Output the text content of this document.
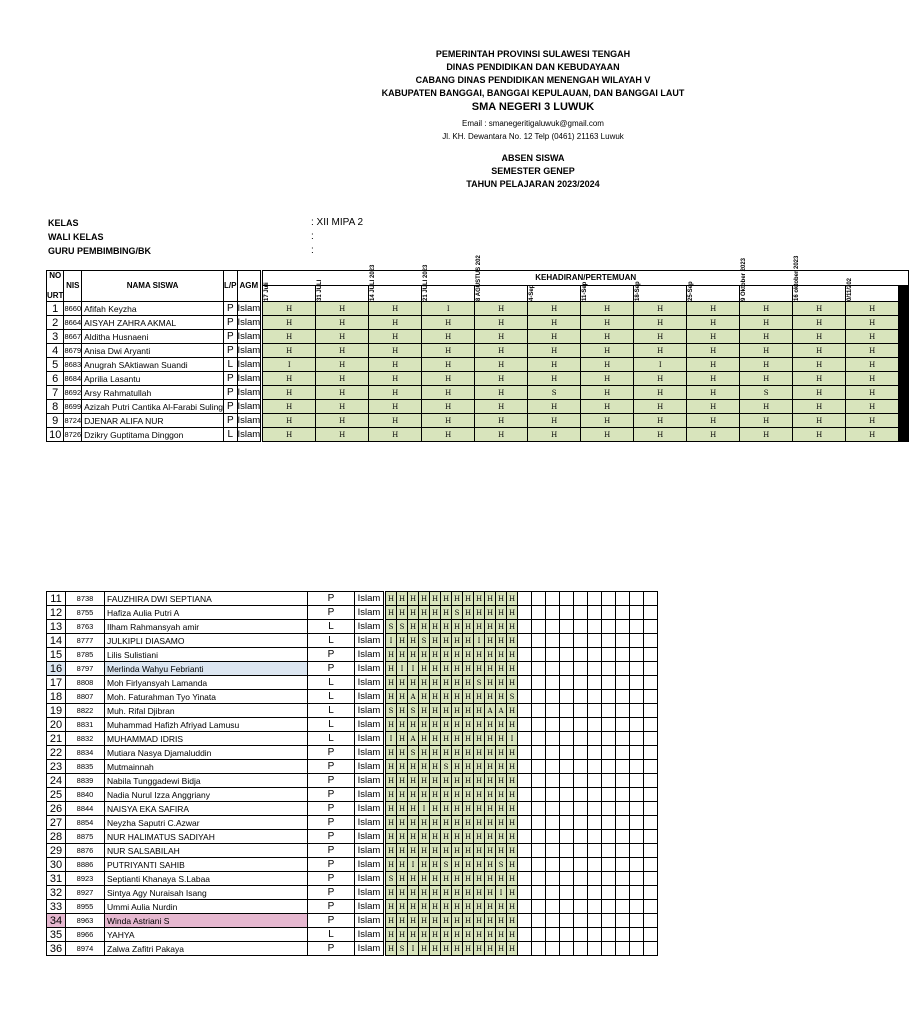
PEMERINTAH PROVINSI SULAWESI TENGAH
DINAS PENDIDIKAN DAN KEBUDAYAAN
CABANG DINAS PENDIDIKAN MENENGAH WILAYAH V
KABUPATEN BANGGAI, BANGGAI KEPULAUAN, DAN BANGGAI LAUT
SMA NEGERI 3 LUWUK
Email : smanegeritigaluwuk@gmail.com
Jl. KH. Dewantara No. 12 Telp (0461) 21163 Luwuk
ABSEN SISWA
SEMESTER GENEP
TAHUN PELAJARAN 2023/2024
KELAS
WALI KELAS
GURU PEMBIMBING/BK
: XII MIPA 2
:
:
NO

URT	NIS	NAMA SISWA	L/P	AGM	KEHADIRAN/PERTEMUAN																

					17 Juli	31 JULI	14 JULI 2023	21 JULI 2023	8 AGUSTUS 202	4-Sep	11-Sep	18-Sep	25-Sep	9 Oktober 2023	16 oktober 2023	0/11/202					

1	8660	Afifah Keyzha	P	Islam	H	H	H	I	H	H	H	H	H	H	H	H										
2	8664	AISYAH ZAHRA AKMAL	P	Islam	H	H	H	H	H	H	H	H	H	H	H	H										
3	8667	Alditha Husnaeni	P	Islam	H	H	H	H	H	H	H	H	H	H	H	H										
4	8679	Anisa Dwi Aryanti	P	Islam	H	H	H	H	H	H	H	H	H	H	H	H										
5	8683	Anugrah SAktiawan Suandi	L	Islam	I	H	H	H	H	H	H	I	H	H	H	H										
6	8684	Aprilia Lasantu	P	Islam	H	H	H	H	H	H	H	H	H	H	H	H										
7	8692	Arsy Rahmatullah	P	Islam	H	H	H	H	H	S	H	H	H	S	H	H										
8	8699	Azizah Putri Cantika Al-Farabi Suling	P	Islam	H	H	H	H	H	H	H	H	H	H	H	H										
9	8724	DJENAR ALIFA NUR	P	Islam	H	H	H	H	H	H	H	H	H	H	H	H										
10	8726	Dzikry Guptitama Dinggon	L	Islam	H	H	H	H	H	H	H	H	H	H	H	H										
11	8738	FAUZHIRA DWI SEPTIANA	P	Islam	H	H	H	H	H	H	H	H	H	H	H	H										
12	8755	Hafiza Aulia Putri A	P	Islam	H	H	H	H	H	H	S	H	H	H	H	H										
13	8763	Ilham Rahmansyah amir	L	Islam	S	S	H	H	H	H	H	H	H	H	H	H										
14	8777	JULKIPLI DIASAMO	L	Islam	I	H	H	S	H	H	H	H	I	H	H	H										
15	8785	Lilis Sulistiani	P	Islam	H	H	H	H	H	H	H	H	H	H	H	H										
16	8797	Merlinda Wahyu Febrianti	P	Islam	H	I	I	H	H	H	H	H	H	H	H	H										
17	8808	Moh Firlyansyah Lamanda	L	Islam	H	H	H	H	H	H	H	H	S	H	H	H										
18	8807	Moh. Faturahman Tyo Yinata	L	Islam	H	H	A	H	H	H	H	H	H	H	H	S										
19	8822	Muh. Rifal Djibran	L	Islam	S	H	S	H	H	H	H	H	H	A	A	H										
20	8831	Muhammad Hafizh Afriyad Lamusu	L	Islam	H	H	H	H	H	H	H	H	H	H	H	H										
21	8832	MUHAMMAD IDRIS	L	Islam	I	H	A	H	H	H	H	H	H	H	H	I										
22	8834	Mutiara Nasya Djamaluddin	P	Islam	H	H	S	H	H	H	H	H	H	H	H	H										
23	8835	Mutmainnah	P	Islam	H	H	H	H	H	S	H	H	H	H	H	H										
24	8839	Nabila Tunggadewi Bidja	P	Islam	H	H	H	H	H	H	H	H	H	H	H	H										
25	8840	Nadia Nurul Izza Anggriany	P	Islam	H	H	H	H	H	H	H	H	H	H	H	H										
26	8844	NAISYA EKA SAFIRA	P	Islam	H	H	H	I	H	H	H	H	H	H	H	H										
27	8854	Neyzha Saputri C.Azwar	P	Islam	H	H	H	H	H	H	H	H	H	H	H	H										
28	8875	NUR HALIMATUS SADIYAH	P	Islam	H	H	H	H	H	H	H	H	H	H	H	H										
29	8876	NUR SALSABILAH	P	Islam	H	H	H	H	H	H	H	H	H	H	H	H										
30	8886	PUTRIYANTI SAHIB	P	Islam	H	H	I	H	H	S	H	H	H	H	S	H										
31	8923	Septianti Khanaya S.Labaa	P	Islam	S	H	H	H	H	H	H	H	H	H	H	H										
32	8927	Sintya Agy Nuraisah Isang	P	Islam	H	H	H	H	H	H	H	H	H	H	I	H										
33	8955	Ummi Aulia Nurdin	P	Islam	H	H	H	H	H	H	H	H	H	H	H	H										
34	8963	Winda Astriani S	P	Islam	H	H	H	H	H	H	H	H	H	H	H	H										
35	8966	YAHYA	L	Islam	H	H	H	H	H	H	H	H	H	H	H	H										
36	8974	Zalwa Zafitri Pakaya	P	Islam	H	S	I	H	H	H	H	H	H	H	H	H										
